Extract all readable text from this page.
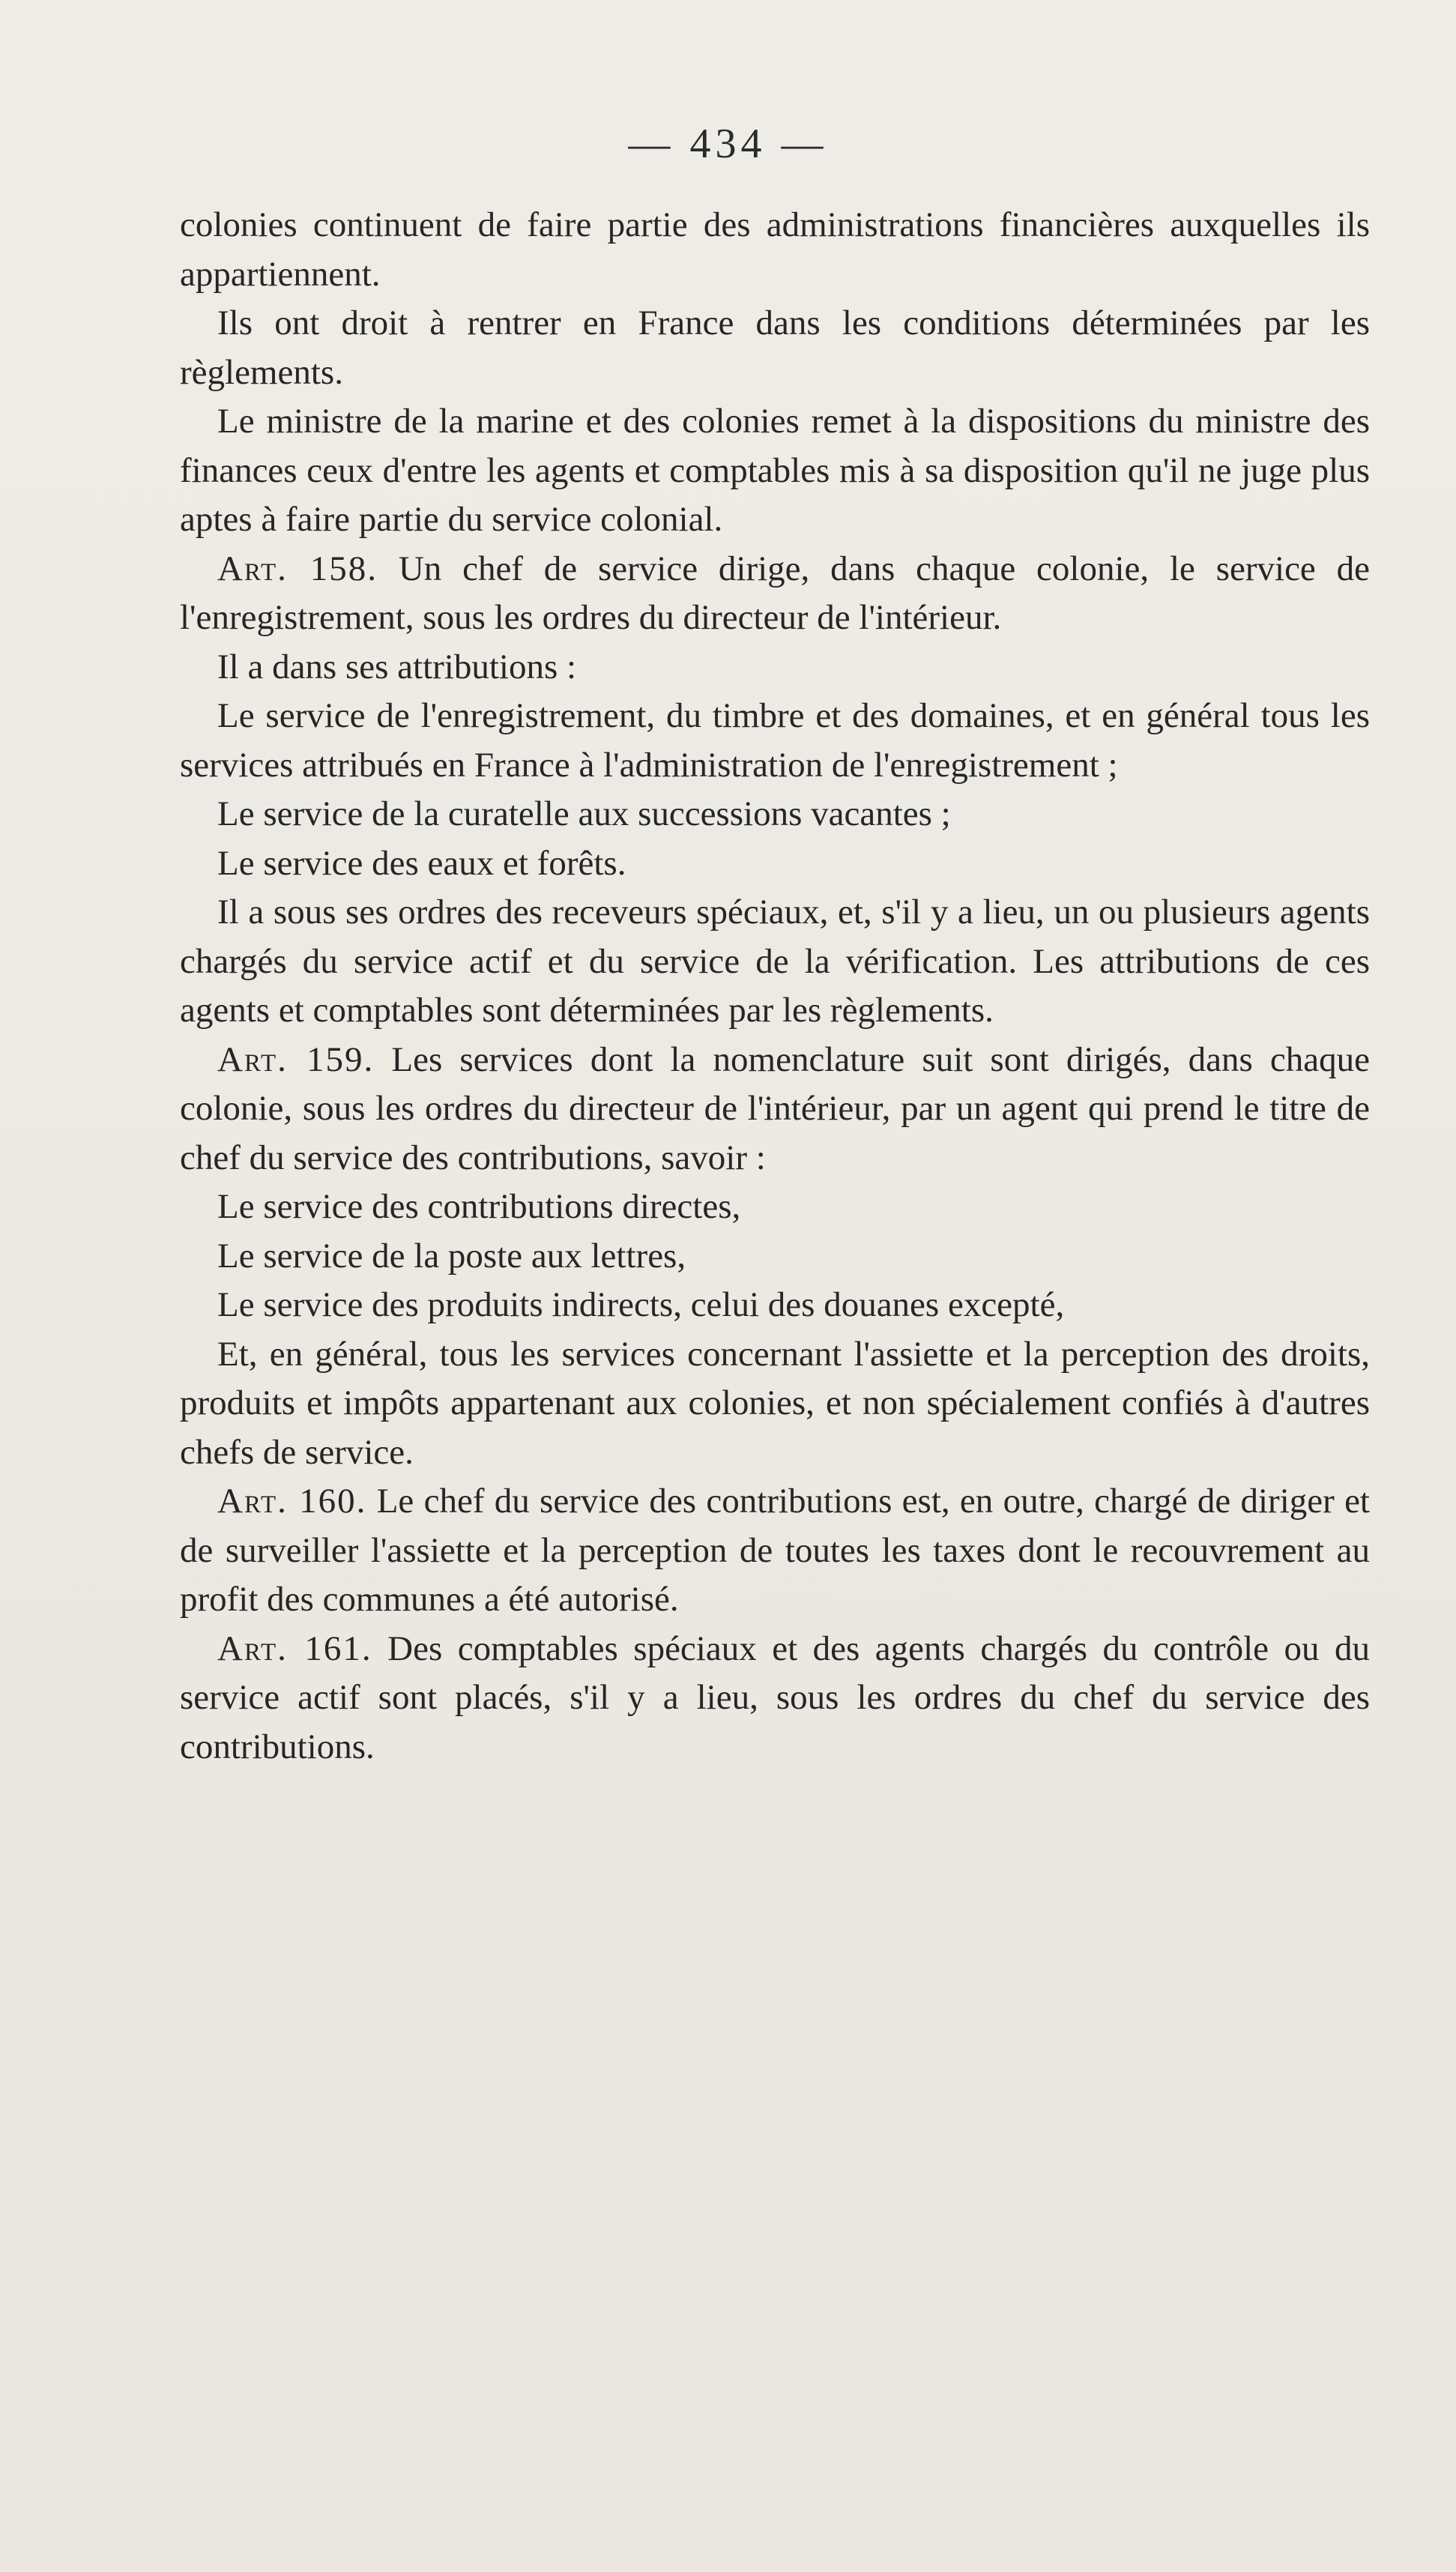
— 434 —

colonies continuent de faire partie des administrations financières auxquelles ils appartiennent.

Ils ont droit à rentrer en France dans les conditions déterminées par les règlements.

Le ministre de la marine et des colonies remet à la dispositions du ministre des finances ceux d'entre les agents et comptables mis à sa disposition qu'il ne juge plus aptes à faire partie du service colonial.

Art. 158. Un chef de service dirige, dans chaque colonie, le service de l'enregistrement, sous les ordres du directeur de l'intérieur.

Il a dans ses attributions :

Le service de l'enregistrement, du timbre et des domaines, et en général tous les services attribués en France à l'administration de l'enregistrement ;

Le service de la curatelle aux successions vacantes ;

Le service des eaux et forêts.

Il a sous ses ordres des receveurs spéciaux, et, s'il y a lieu, un ou plusieurs agents chargés du service actif et du service de la vérification. Les attributions de ces agents et comptables sont déterminées par les règlements.

Art. 159. Les services dont la nomenclature suit sont dirigés, dans chaque colonie, sous les ordres du directeur de l'intérieur, par un agent qui prend le titre de chef du service des contributions, savoir :

Le service des contributions directes,

Le service de la poste aux lettres,

Le service des produits indirects, celui des douanes excepté,

Et, en général, tous les services concernant l'assiette et la perception des droits, produits et impôts appartenant aux colonies, et non spécialement confiés à d'autres chefs de service.

Art. 160. Le chef du service des contributions est, en outre, chargé de diriger et de surveiller l'assiette et la perception de toutes les taxes dont le recouvrement au profit des communes a été autorisé.

Art. 161. Des comptables spéciaux et des agents chargés du contrôle ou du service actif sont placés, s'il y a lieu, sous les ordres du chef du service des contributions.
